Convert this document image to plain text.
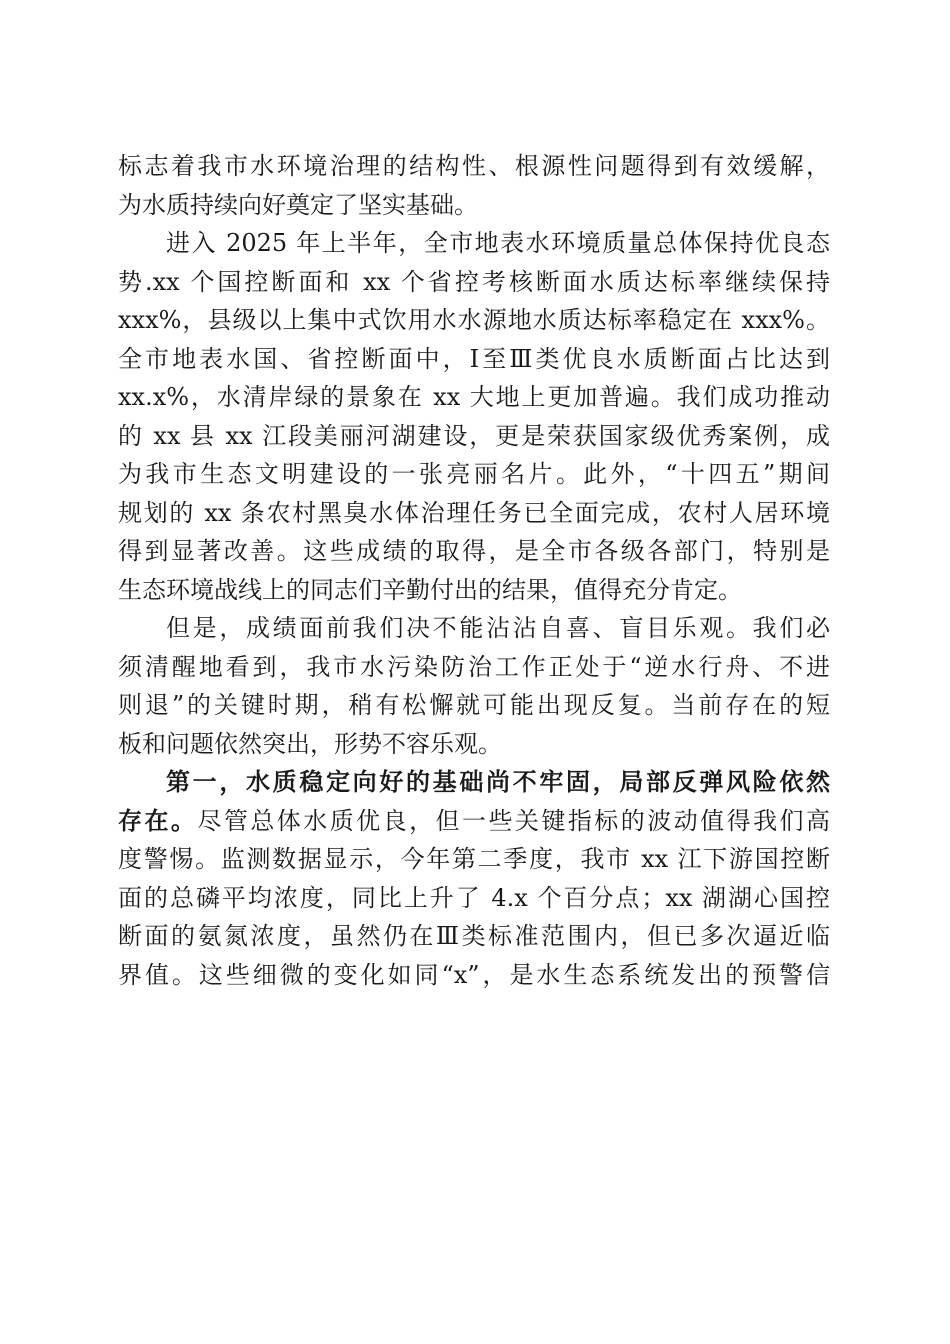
标志着我市水环境治理的结构性、根源性问题得到有效缓解，
为水质持续向好奠定了坚实基础。
进入 2025 年上半年，全市地表水环境质量总体保持优良态
势.xx 个国控断面和 xx 个省控考核断面水质达标率继续保持
xxx%，县级以上集中式饮用水水源地水质达标率稳定在 xxx%。
全市地表水国、省控断面中，Ⅰ至Ⅲ类优良水质断面占比达到
xx.x%，水清岸绿的景象在 xx 大地上更加普遍。我们成功推动
的 xx 县 xx 江段美丽河湖建设，更是荣获国家级优秀案例，成
为我市生态文明建设的一张亮丽名片。此外，“十四五”期间
规划的 xx 条农村黑臭水体治理任务已全面完成，农村人居环境
得到显著改善。这些成绩的取得，是全市各级各部门，特别是
生态环境战线上的同志们辛勤付出的结果，值得充分肯定。
但是，成绩面前我们决不能沾沾自喜、盲目乐观。我们必
须清醒地看到，我市水污染防治工作正处于“逆水行舟、不进
则退”的关键时期，稍有松懈就可能出现反复。当前存在的短
板和问题依然突出，形势不容乐观。
第一，水质稳定向好的基础尚不牢固，局部反弹风险依然
存在。尽管总体水质优良，但一些关键指标的波动值得我们高
度警惕。监测数据显示，今年第二季度，我市 xx 江下游国控断
面的总磷平均浓度，同比上升了 4.x 个百分点；xx 湖湖心国控
断面的氨氮浓度，虽然仍在Ⅲ类标准范围内，但已多次逼近临
界值。这些细微的变化如同“x”，是水生态系统发出的预警信
